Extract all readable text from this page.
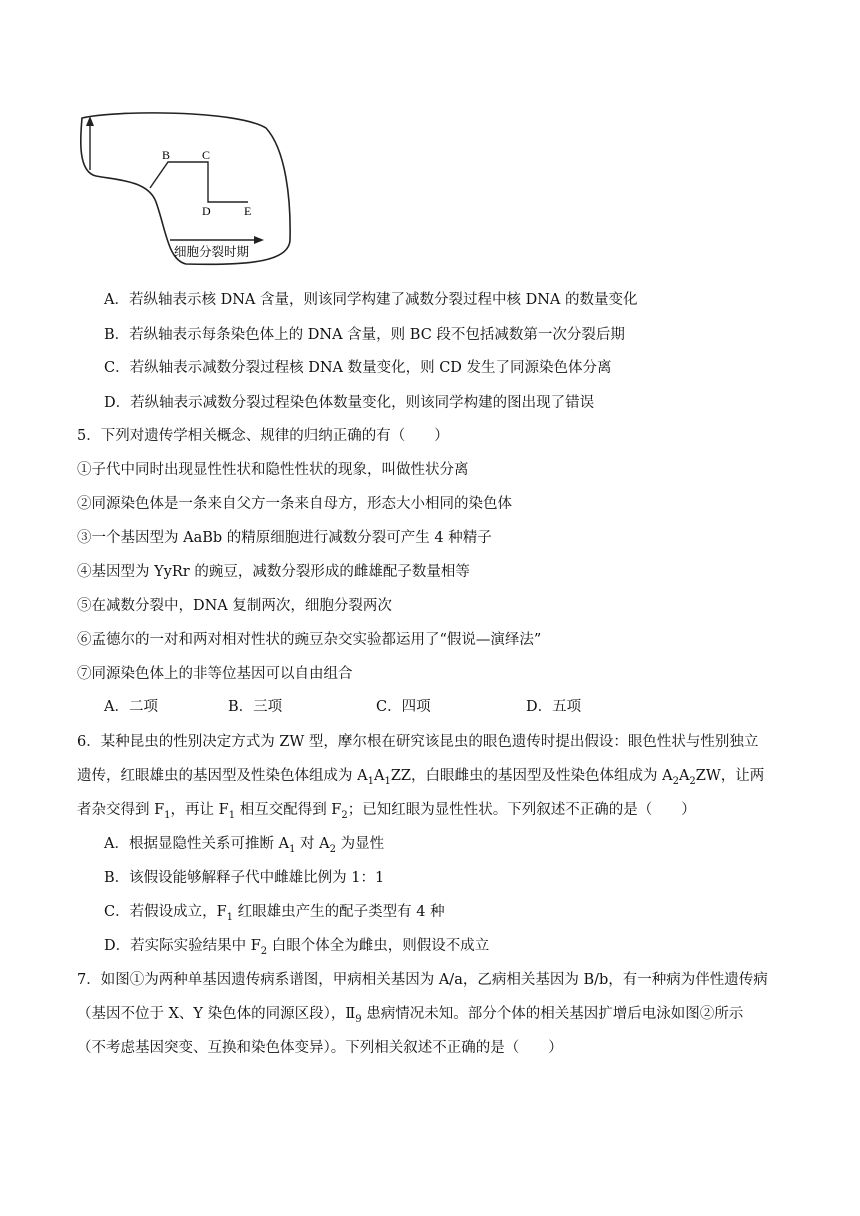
B	C
D	E
细胞分裂时期
A．若纵轴表示核 DNA 含量，则该同学构建了减数分裂过程中核 DNA 的数量变化
B．若纵轴表示每条染色体上的 DNA 含量，则 BC 段不包括减数第一次分裂后期
C．若纵轴表示减数分裂过程核 DNA 数量变化，则 CD 发生了同源染色体分离
D．若纵轴表示减数分裂过程染色体数量变化，则该同学构建的图出现了错误
5．下列对遗传学相关概念、规律的归纳正确的有（　　）
①子代中同时出现显性性状和隐性性状的现象，叫做性状分离
②同源染色体是一条来自父方一条来自母方，形态大小相同的染色体
③一个基因型为 AaBb 的精原细胞进行减数分裂可产生 4 种精子
④基因型为 YyRr 的豌豆，减数分裂形成的雌雄配子数量相等
⑤在减数分裂中，DNA 复制两次，细胞分裂两次
⑥孟德尔的一对和两对相对性状的豌豆杂交实验都运用了“假说—演绎法”
⑦同源染色体上的非等位基因可以自由组合
A．二项	B．三项	C．四项	D．五项
6．某种昆虫的性别决定方式为 ZW 型，摩尔根在研究该昆虫的眼色遗传时提出假设：眼色性状与性别独立
遗传，红眼雄虫的基因型及性染色体组成为 $A_1A_1ZZ$，白眼雌虫的基因型及性染色体组成为 $A_2A_2ZW$，让两
者杂交得到 $F_1$，再让 $F_1$ 相互交配得到 $F_2$；已知红眼为显性性状。下列叙述不正确的是（　　）
A．根据显隐性关系可推断 $A_1$ 对 $A_2$ 为显性
B．该假设能够解释子代中雌雄比例为 1：1
C．若假设成立，$F_1$ 红眼雄虫产生的配子类型有 4 种
D．若实际实验结果中 $F_2$ 白眼个体全为雌虫，则假设不成立
7．如图①为两种单基因遗传病系谱图，甲病相关基因为 A/a，乙病相关基因为 B/b，有一种病为伴性遗传病
（基因不位于 X、Y 染色体的同源区段），$Ⅱ_9$ 患病情况未知。部分个体的相关基因扩增后电泳如图②所示
（不考虑基因突变、互换和染色体变异）。下列相关叙述不正确的是（　　）
